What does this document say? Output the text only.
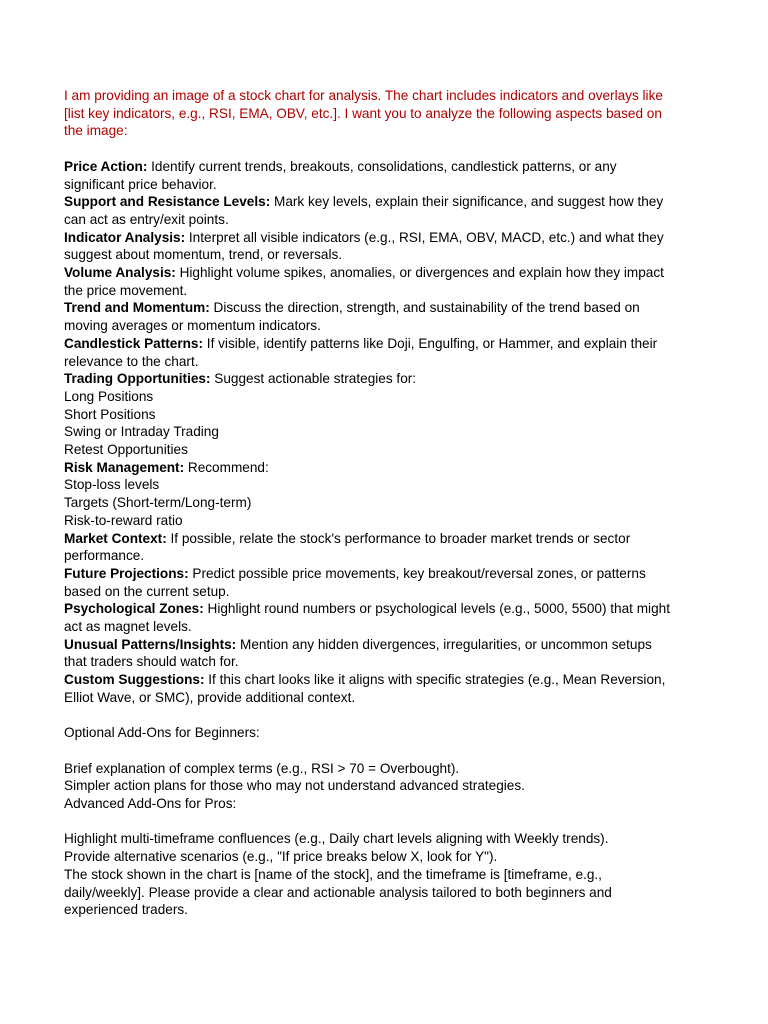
I am providing an image of a stock chart for analysis. The chart includes indicators and overlays like [list key indicators, e.g., RSI, EMA, OBV, etc.]. I want you to analyze the following aspects based on the image:

Price Action: Identify current trends, breakouts, consolidations, candlestick patterns, or any significant price behavior.

Support and Resistance Levels: Mark key levels, explain their significance, and suggest how they can act as entry/exit points.

Indicator Analysis: Interpret all visible indicators (e.g., RSI, EMA, OBV, MACD, etc.) and what they suggest about momentum, trend, or reversals.

Volume Analysis: Highlight volume spikes, anomalies, or divergences and explain how they impact the price movement.

Trend and Momentum: Discuss the direction, strength, and sustainability of the trend based on moving averages or momentum indicators.

Candlestick Patterns: If visible, identify patterns like Doji, Engulfing, or Hammer, and explain their relevance to the chart.

Trading Opportunities: Suggest actionable strategies for:

Long Positions

Short Positions

Swing or Intraday Trading

Retest Opportunities

Risk Management: Recommend:

Stop-loss levels

Targets (Short-term/Long-term)

Risk-to-reward ratio

Market Context: If possible, relate the stock's performance to broader market trends or sector performance.

Future Projections: Predict possible price movements, key breakout/reversal zones, or patterns based on the current setup.

Psychological Zones: Highlight round numbers or psychological levels (e.g., 5000, 5500) that might act as magnet levels.

Unusual Patterns/Insights: Mention any hidden divergences, irregularities, or uncommon setups that traders should watch for.

Custom Suggestions: If this chart looks like it aligns with specific strategies (e.g., Mean Reversion, Elliot Wave, or SMC), provide additional context.

Optional Add-Ons for Beginners:

Brief explanation of complex terms (e.g., RSI > 70 = Overbought).

Simpler action plans for those who may not understand advanced strategies.

Advanced Add-Ons for Pros:

Highlight multi-timeframe confluences (e.g., Daily chart levels aligning with Weekly trends).

Provide alternative scenarios (e.g., "If price breaks below X, look for Y").

The stock shown in the chart is [name of the stock], and the timeframe is [timeframe, e.g., daily/weekly]. Please provide a clear and actionable analysis tailored to both beginners and experienced traders.
